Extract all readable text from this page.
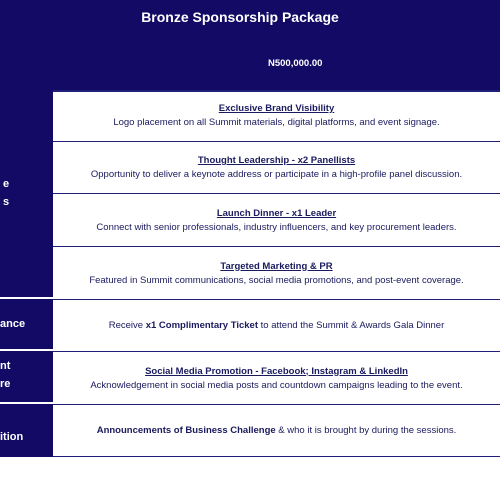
Bronze Sponsorship Package
N500,000.00
e
s
ance
nt
re
ition
Exclusive Brand Visibility
Logo placement on all Summit materials, digital platforms, and event signage.
Thought Leadership - x2 Panellists
Opportunity to deliver a keynote address or participate in a high-profile panel discussion.
Launch Dinner - x1 Leader
Connect with senior professionals, industry influencers, and key procurement leaders.
Targeted Marketing & PR
Featured in Summit communications, social media promotions, and post-event coverage.
Receive x1 Complimentary Ticket to attend the Summit & Awards Gala Dinner
Social Media Promotion - Facebook; Instagram & LinkedIn
Acknowledgement in social media posts and countdown campaigns leading to the event.
Announcements of Business Challenge & who it is brought by during the sessions.
